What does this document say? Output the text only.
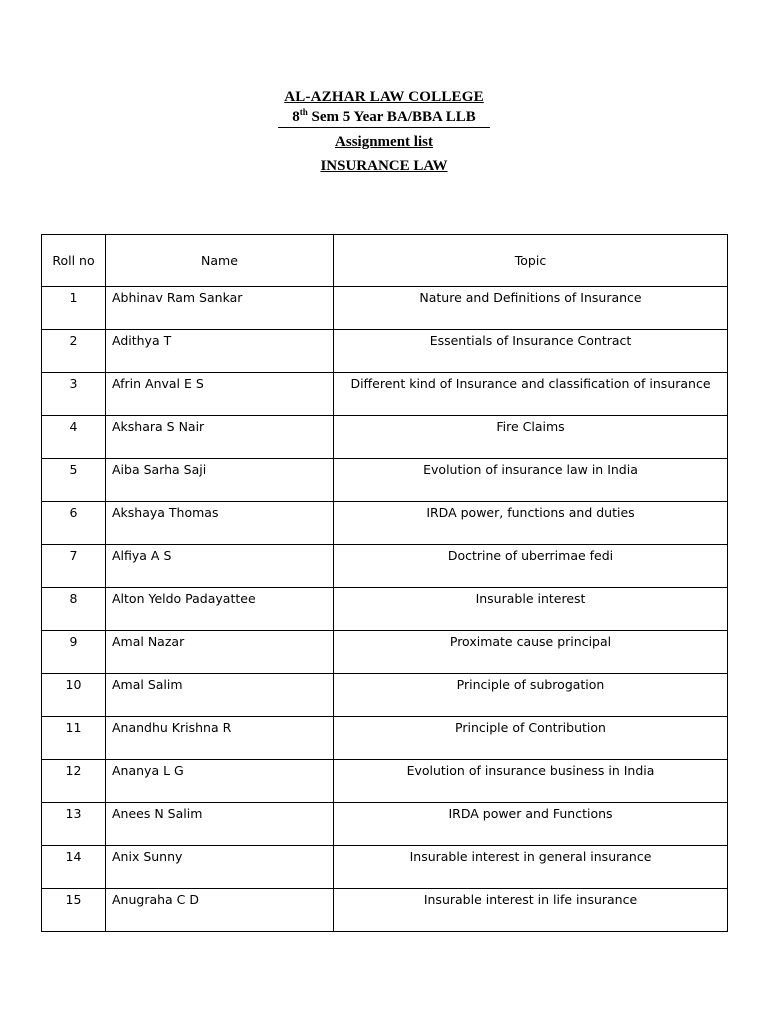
AL-AZHAR LAW COLLEGE
8th Sem 5 Year BA/BBA LLB
Assignment list
INSURANCE LAW
Roll no	Name	Topic

1	Abhinav Ram Sankar	Nature and Definitions of Insurance

2	Adithya T	Essentials of Insurance Contract

3	Afrin Anval E S	Different kind of Insurance and classification of insurance

4	Akshara S Nair	Fire Claims

5	Aiba Sarha Saji	Evolution of insurance law in India

6	Akshaya Thomas	IRDA power, functions and duties

7	Alfiya A S	Doctrine of uberrimae fedi

8	Alton Yeldo Padayattee	Insurable interest

9	Amal Nazar	Proximate cause principal

10	Amal Salim	Principle of subrogation

11	Anandhu Krishna R	Principle of Contribution

12	Ananya L G	Evolution of insurance business in India

13	Anees N Salim	IRDA power and Functions

14	Anix Sunny	Insurable interest in general insurance

15	Anugraha C D	Insurable interest in life insurance
